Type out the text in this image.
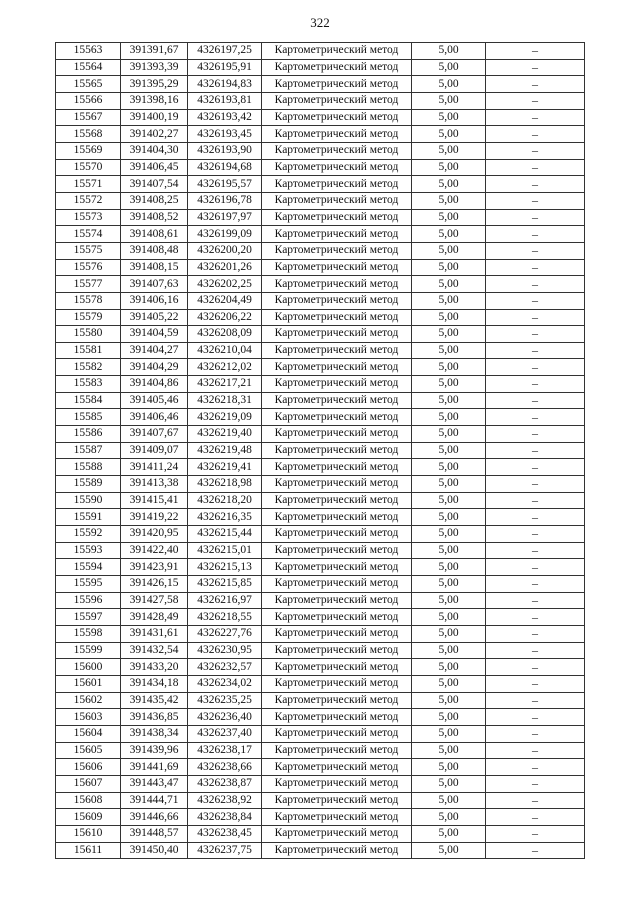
322
15563	391391,67	4326197,25	Картометрический метод	5,00	–
15564	391393,39	4326195,91	Картометрический метод	5,00	–
15565	391395,29	4326194,83	Картометрический метод	5,00	–
15566	391398,16	4326193,81	Картометрический метод	5,00	–
15567	391400,19	4326193,42	Картометрический метод	5,00	–
15568	391402,27	4326193,45	Картометрический метод	5,00	–
15569	391404,30	4326193,90	Картометрический метод	5,00	–
15570	391406,45	4326194,68	Картометрический метод	5,00	–
15571	391407,54	4326195,57	Картометрический метод	5,00	–
15572	391408,25	4326196,78	Картометрический метод	5,00	–
15573	391408,52	4326197,97	Картометрический метод	5,00	–
15574	391408,61	4326199,09	Картометрический метод	5,00	–
15575	391408,48	4326200,20	Картометрический метод	5,00	–
15576	391408,15	4326201,26	Картометрический метод	5,00	–
15577	391407,63	4326202,25	Картометрический метод	5,00	–
15578	391406,16	4326204,49	Картометрический метод	5,00	–
15579	391405,22	4326206,22	Картометрический метод	5,00	–
15580	391404,59	4326208,09	Картометрический метод	5,00	–
15581	391404,27	4326210,04	Картометрический метод	5,00	–
15582	391404,29	4326212,02	Картометрический метод	5,00	–
15583	391404,86	4326217,21	Картометрический метод	5,00	–
15584	391405,46	4326218,31	Картометрический метод	5,00	–
15585	391406,46	4326219,09	Картометрический метод	5,00	–
15586	391407,67	4326219,40	Картометрический метод	5,00	–
15587	391409,07	4326219,48	Картометрический метод	5,00	–
15588	391411,24	4326219,41	Картометрический метод	5,00	–
15589	391413,38	4326218,98	Картометрический метод	5,00	–
15590	391415,41	4326218,20	Картометрический метод	5,00	–
15591	391419,22	4326216,35	Картометрический метод	5,00	–
15592	391420,95	4326215,44	Картометрический метод	5,00	–
15593	391422,40	4326215,01	Картометрический метод	5,00	–
15594	391423,91	4326215,13	Картометрический метод	5,00	–
15595	391426,15	4326215,85	Картометрический метод	5,00	–
15596	391427,58	4326216,97	Картометрический метод	5,00	–
15597	391428,49	4326218,55	Картометрический метод	5,00	–
15598	391431,61	4326227,76	Картометрический метод	5,00	–
15599	391432,54	4326230,95	Картометрический метод	5,00	–
15600	391433,20	4326232,57	Картометрический метод	5,00	–
15601	391434,18	4326234,02	Картометрический метод	5,00	–
15602	391435,42	4326235,25	Картометрический метод	5,00	–
15603	391436,85	4326236,40	Картометрический метод	5,00	–
15604	391438,34	4326237,40	Картометрический метод	5,00	–
15605	391439,96	4326238,17	Картометрический метод	5,00	–
15606	391441,69	4326238,66	Картометрический метод	5,00	–
15607	391443,47	4326238,87	Картометрический метод	5,00	–
15608	391444,71	4326238,92	Картометрический метод	5,00	–
15609	391446,66	4326238,84	Картометрический метод	5,00	–
15610	391448,57	4326238,45	Картометрический метод	5,00	–
15611	391450,40	4326237,75	Картометрический метод	5,00	–
